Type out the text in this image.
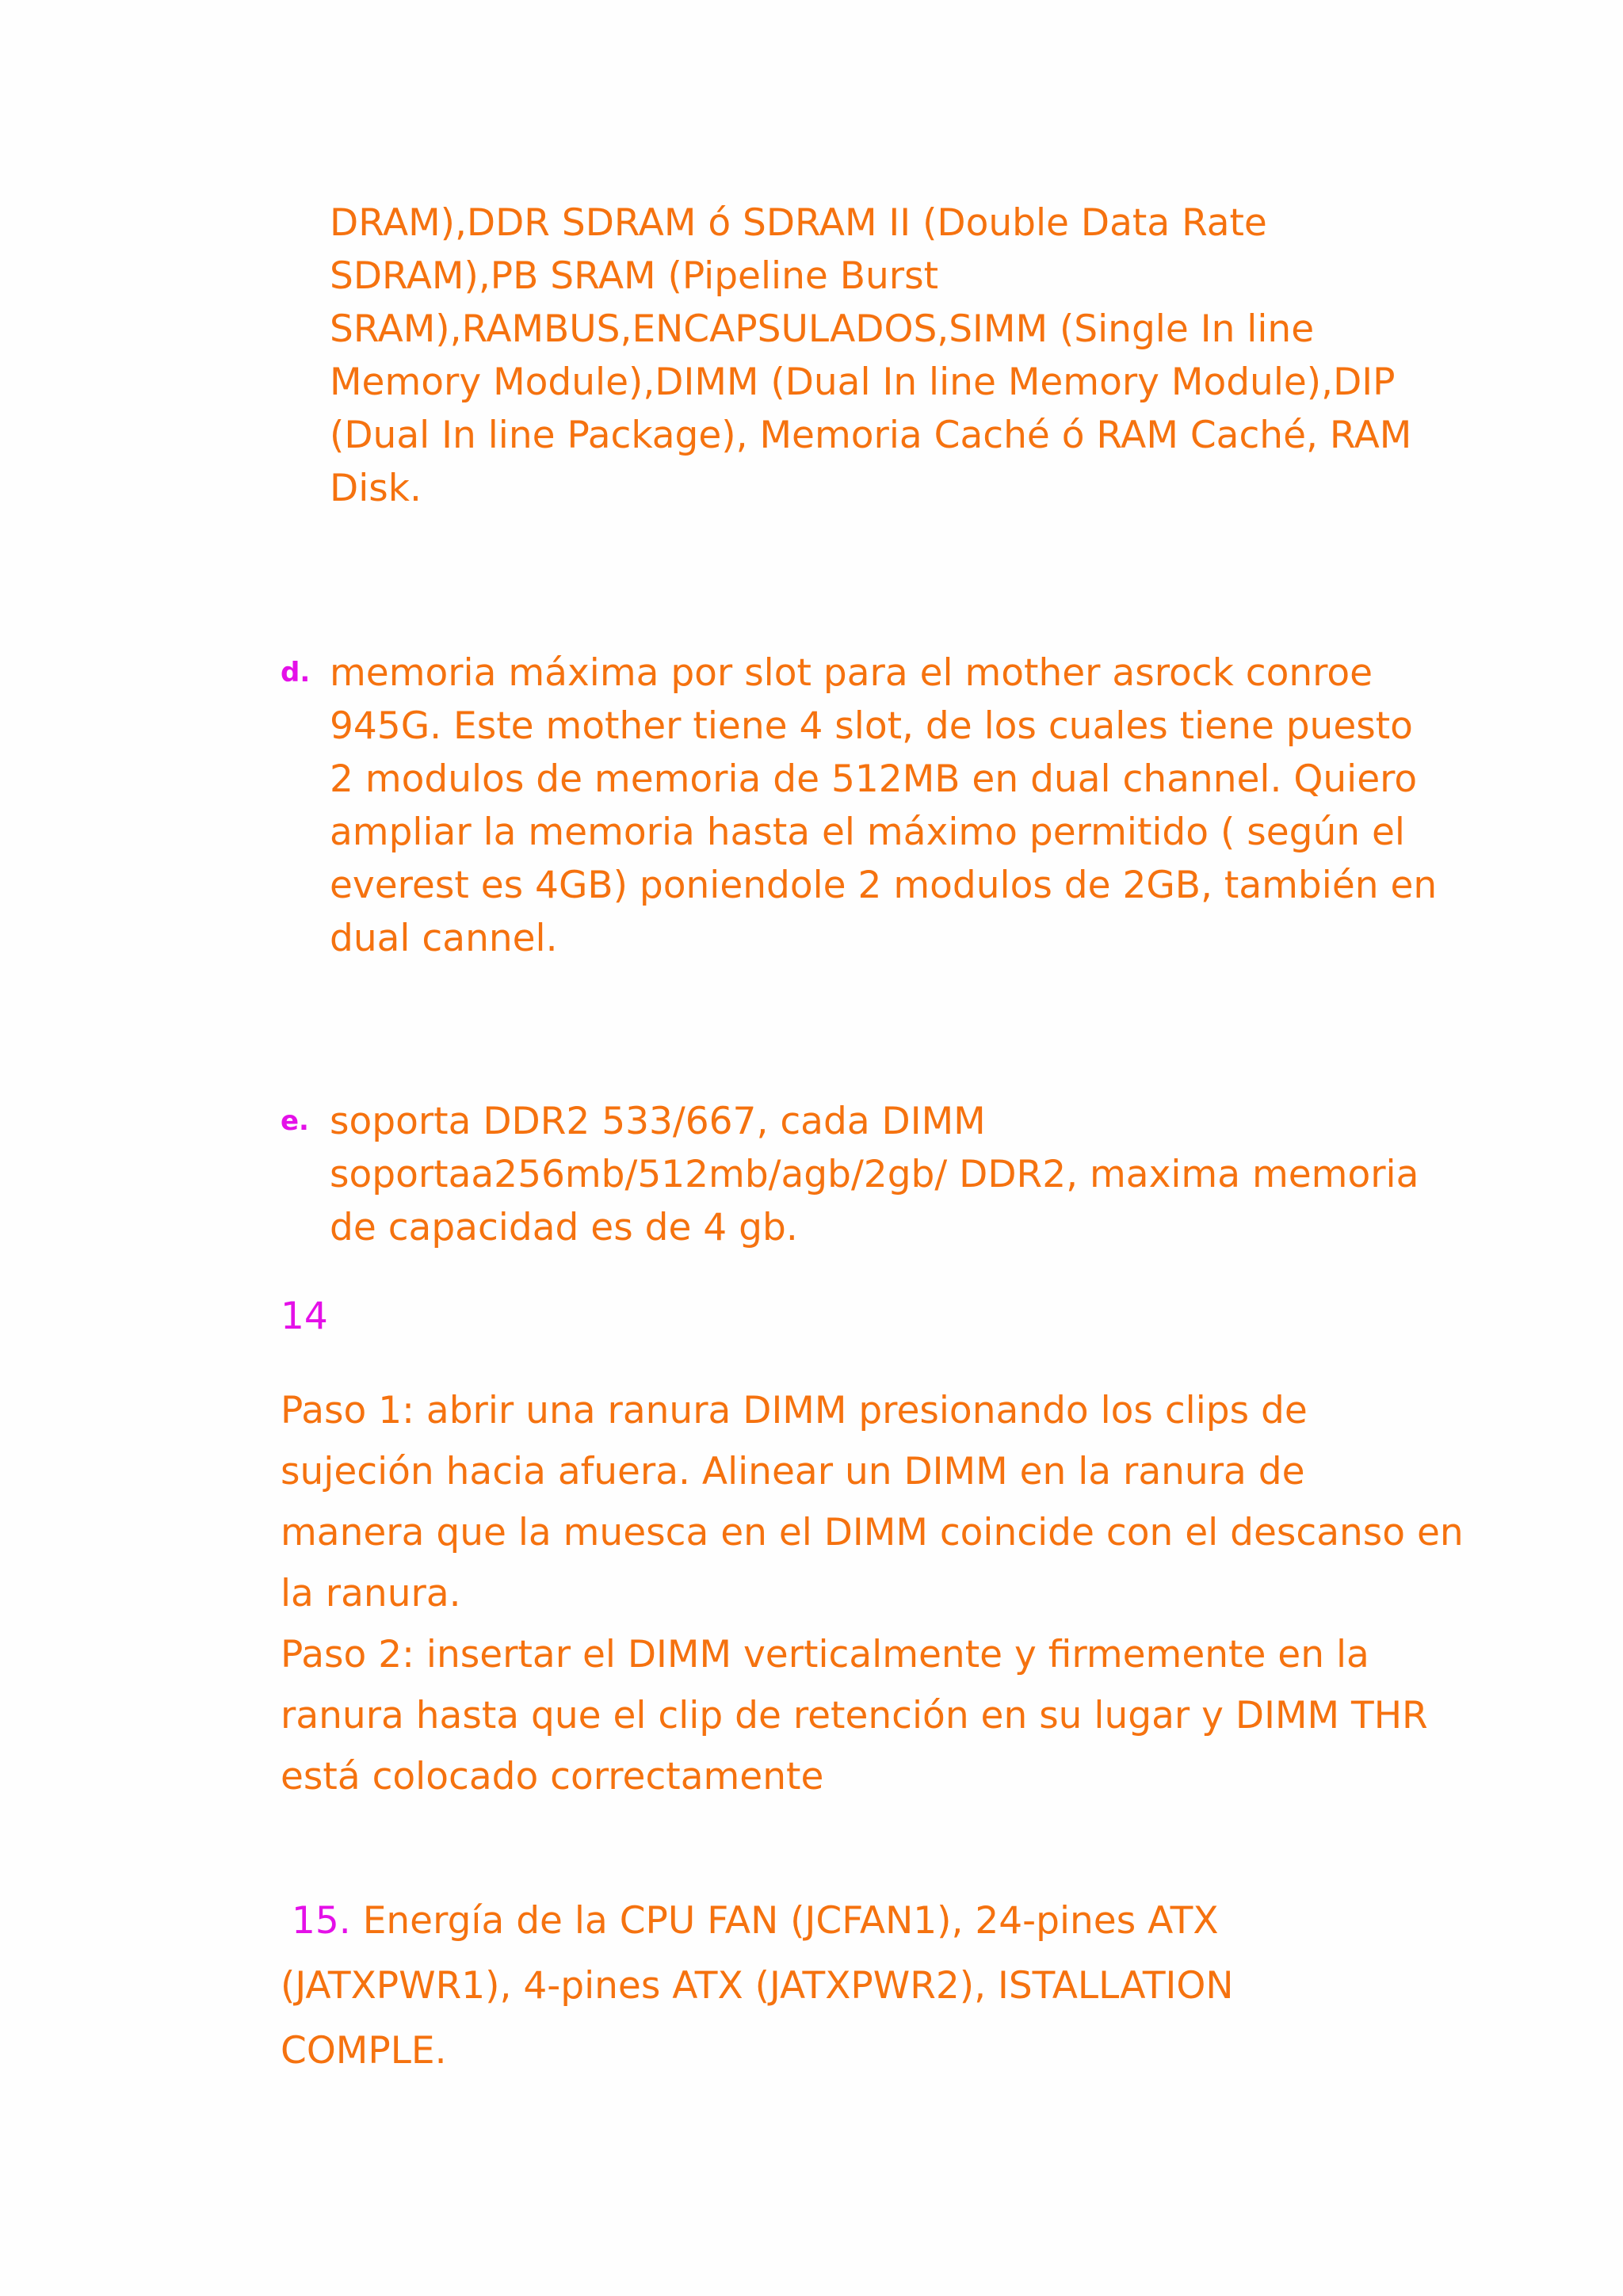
DRAM),DDR SDRAM ó SDRAM II (Double Data Rate
SDRAM),PB SRAM (Pipeline Burst
SRAM),RAMBUS,ENCAPSULADOS,SIMM (Single In line
Memory Module),DIMM (Dual In line Memory Module),DIP
(Dual In line Package), Memoria Caché ó RAM Caché, RAM
Disk.
d. memoria máxima por slot para el mother asrock conroe
945G. Este mother tiene 4 slot, de los cuales tiene puesto
2 modulos de memoria de 512MB en dual channel. Quiero
ampliar la memoria hasta el máximo permitido ( según el
everest es 4GB) poniendole 2 modulos de 2GB, también en
dual cannel.
e. soporta DDR2 533/667, cada DIMM
soportaa256mb/512mb/agb/2gb/ DDR2, maxima memoria
de capacidad es de 4 gb.
14
Paso 1: abrir una ranura DIMM presionando los clips de
sujeción hacia afuera. Alinear un DIMM en la ranura de
manera que la muesca en el DIMM coincide con el descanso en
la ranura.
Paso 2: insertar el DIMM verticalmente y firmemente en la
ranura hasta que el clip de retención en su lugar y DIMM THR
está colocado correctamente
15. Energía de la CPU FAN (JCFAN1), 24-pines ATX
(JATXPWR1), 4-pines ATX (JATXPWR2), ISTALLATION
COMPLE.
